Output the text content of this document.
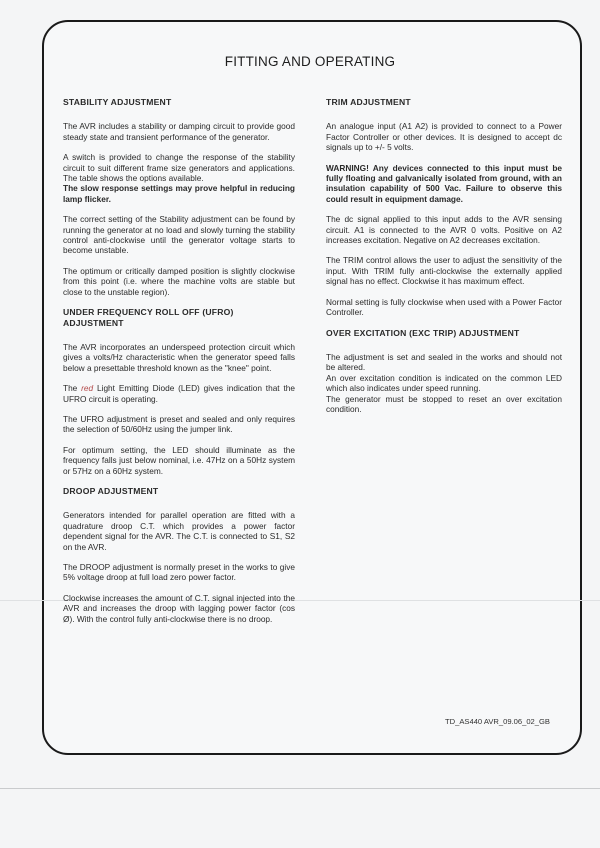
FITTING AND OPERATING
STABILITY ADJUSTMENT

The AVR includes a stability or damping circuit to provide good steady state and transient performance of the generator.

A switch is provided to change the response of the stability circuit to suit different frame size generators and applications. The table shows the options available.

The slow response settings may prove helpful in reducing lamp flicker.

The correct setting of the Stability adjustment can be found by running the generator at no load and slowly turning the stability control anti-clockwise until the generator voltage starts to become unstable.

The optimum or critically damped position is slightly clockwise from this point (i.e. where the machine volts are stable but close to the unstable region).

UNDER FREQUENCY ROLL OFF (UFRO) ADJUSTMENT

The AVR incorporates an underspeed protection circuit which gives a volts/Hz characteristic when the generator speed falls below a presettable threshold known as the "knee" point.

The red Light Emitting Diode (LED) gives indication that the UFRO circuit is operating.

The UFRO adjustment is preset and sealed and only requires the selection of 50/60Hz using the jumper link.

For optimum setting, the LED should illuminate as the frequency falls just below nominal, i.e. 47Hz on a 50Hz system or 57Hz on a 60Hz system.

DROOP ADJUSTMENT

Generators intended for parallel operation are fitted with a quadrature droop C.T. which provides a power factor dependent signal for the AVR. The C.T. is connected to S1, S2 on the AVR.

The DROOP adjustment is normally preset in the works to give 5% voltage droop at full load zero power factor.

Clockwise increases the amount of C.T. signal injected into the AVR and increases the droop with lagging power factor (cos Ø). With the control fully anti-clockwise there is no droop.

TRIM ADJUSTMENT

An analogue input (A1 A2) is provided to connect to a Power Factor Controller or other devices. It is designed to accept dc signals up to +/- 5 volts.

WARNING! Any devices connected to this input must be fully floating and galvanically isolated from ground, with an insulation capability of 500 Vac. Failure to observe this could result in equipment damage.

The dc signal applied to this input adds to the AVR sensing circuit. A1 is connected to the AVR 0 volts. Positive on A2 increases excitation. Negative on A2 decreases excitation.

The TRIM control allows the user to adjust the sensitivity of the input. With TRIM fully anti-clockwise the externally applied signal has no effect. Clockwise it has maximum effect.

Normal setting is fully clockwise when used with a Power Factor Controller.

OVER EXCITATION (EXC TRIP) ADJUSTMENT

The adjustment is set and sealed in the works and should not be altered.

An over excitation condition is indicated on the common LED which also indicates under speed running.

The generator must be stopped to reset an over excitation condition.

TD_AS440 AVR_09.06_02_GB
